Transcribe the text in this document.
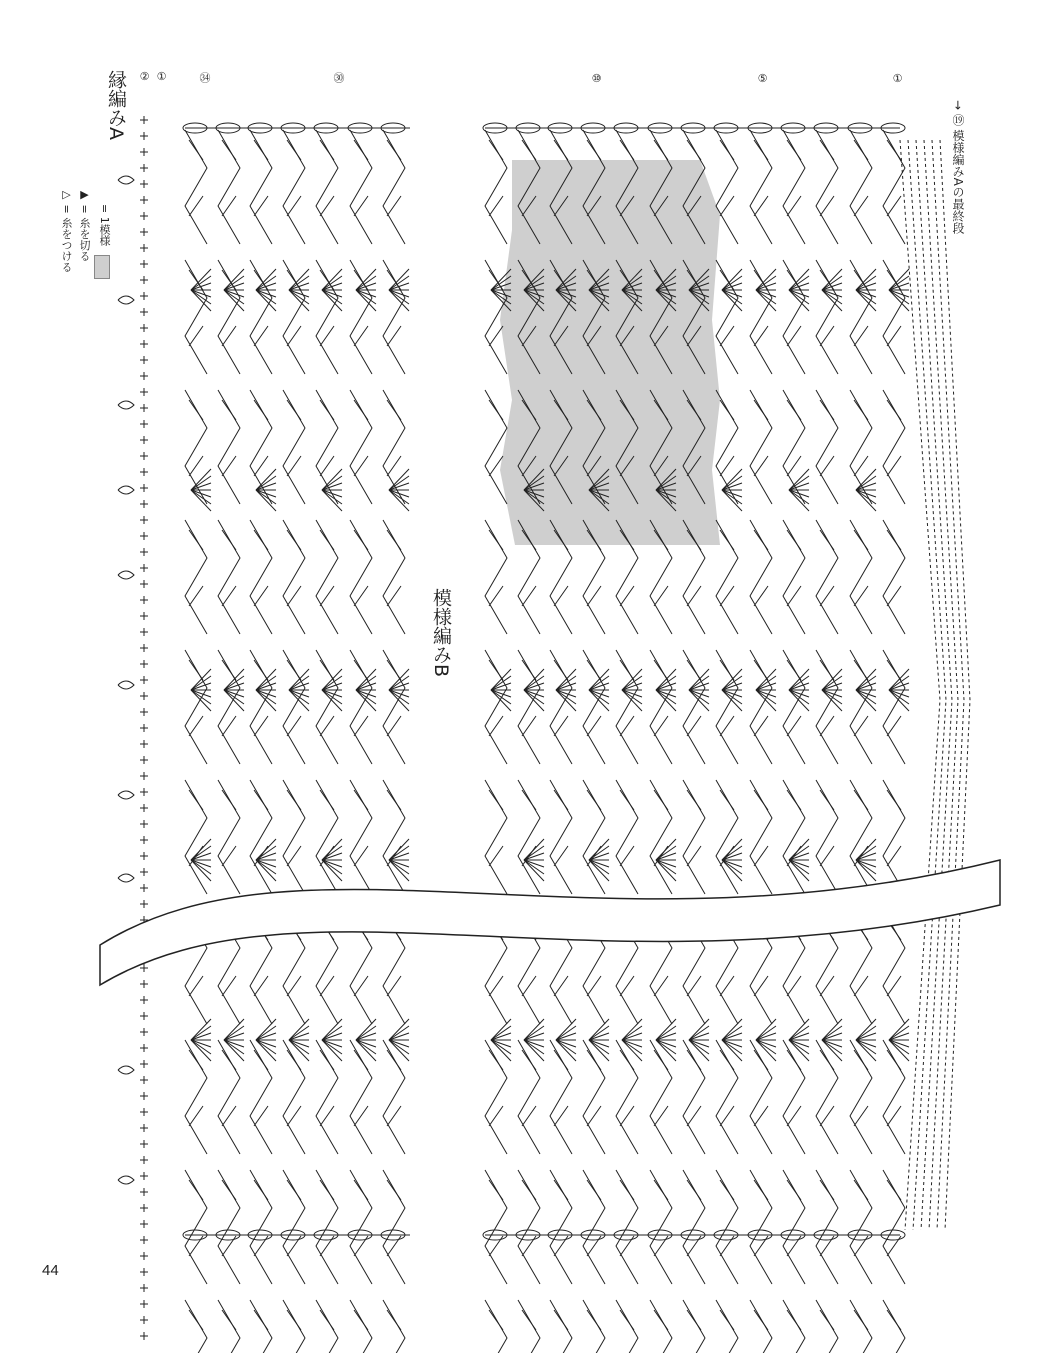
縁編みA
模様編みB
▷ = 糸をつける ▶ = 糸を切る = 1模様
①
②	㉞	㉚	⑩	⑤	①
→ ⑲ 模様編みAの最終段
44
